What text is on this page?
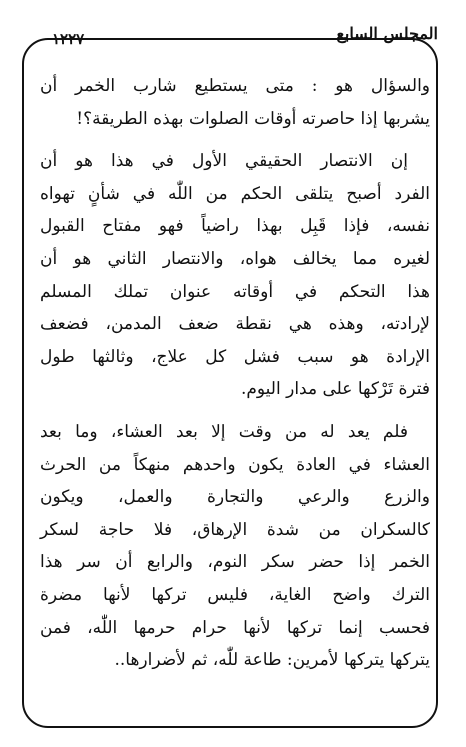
المجلس السابع
١٢٢٧
والسؤال هو : متى يستطيع شارب الخمر أن
يشربها إذا حاصرته أوقات الصلوات بهذه الطريقة؟!
إن الانتصار الحقيقي الأول في هذا هو أن
الفرد أصبح يتلقى الحكم من اللّٰه في شأنٍ تهواه
نفسه، فإذا قَبِل بهذا راضياً فهو مفتاح القبول
لغيره مما يخالف هواه، والانتصار الثاني هو أن
هذا التحكم في أوقاته عنوان تملك المسلم
لإرادته، وهذه هي نقطة ضعف المدمن، فضعف
الإرادة هو سبب فشل كل علاج، وثالثها طول
فترة تَرْكها على مدار اليوم.
فلم يعد له من وقت إلا بعد العشاء، وما بعد
العشاء في العادة يكون واحدهم منهكاً من الحرث
والزرع والرعي والتجارة والعمل، ويكون
كالسكران من شدة الإرهاق، فلا حاجة لسكر
الخمر إذا حضر سكر النوم، والرابع أن سر هذا
الترك واضح الغاية، فليس تركها لأنها مضرة
فحسب إنما تركها لأنها حرام حرمها اللّٰه، فمن
يتركها يتركها لأمرين: طاعة للّٰه، ثم لأضرارها..
